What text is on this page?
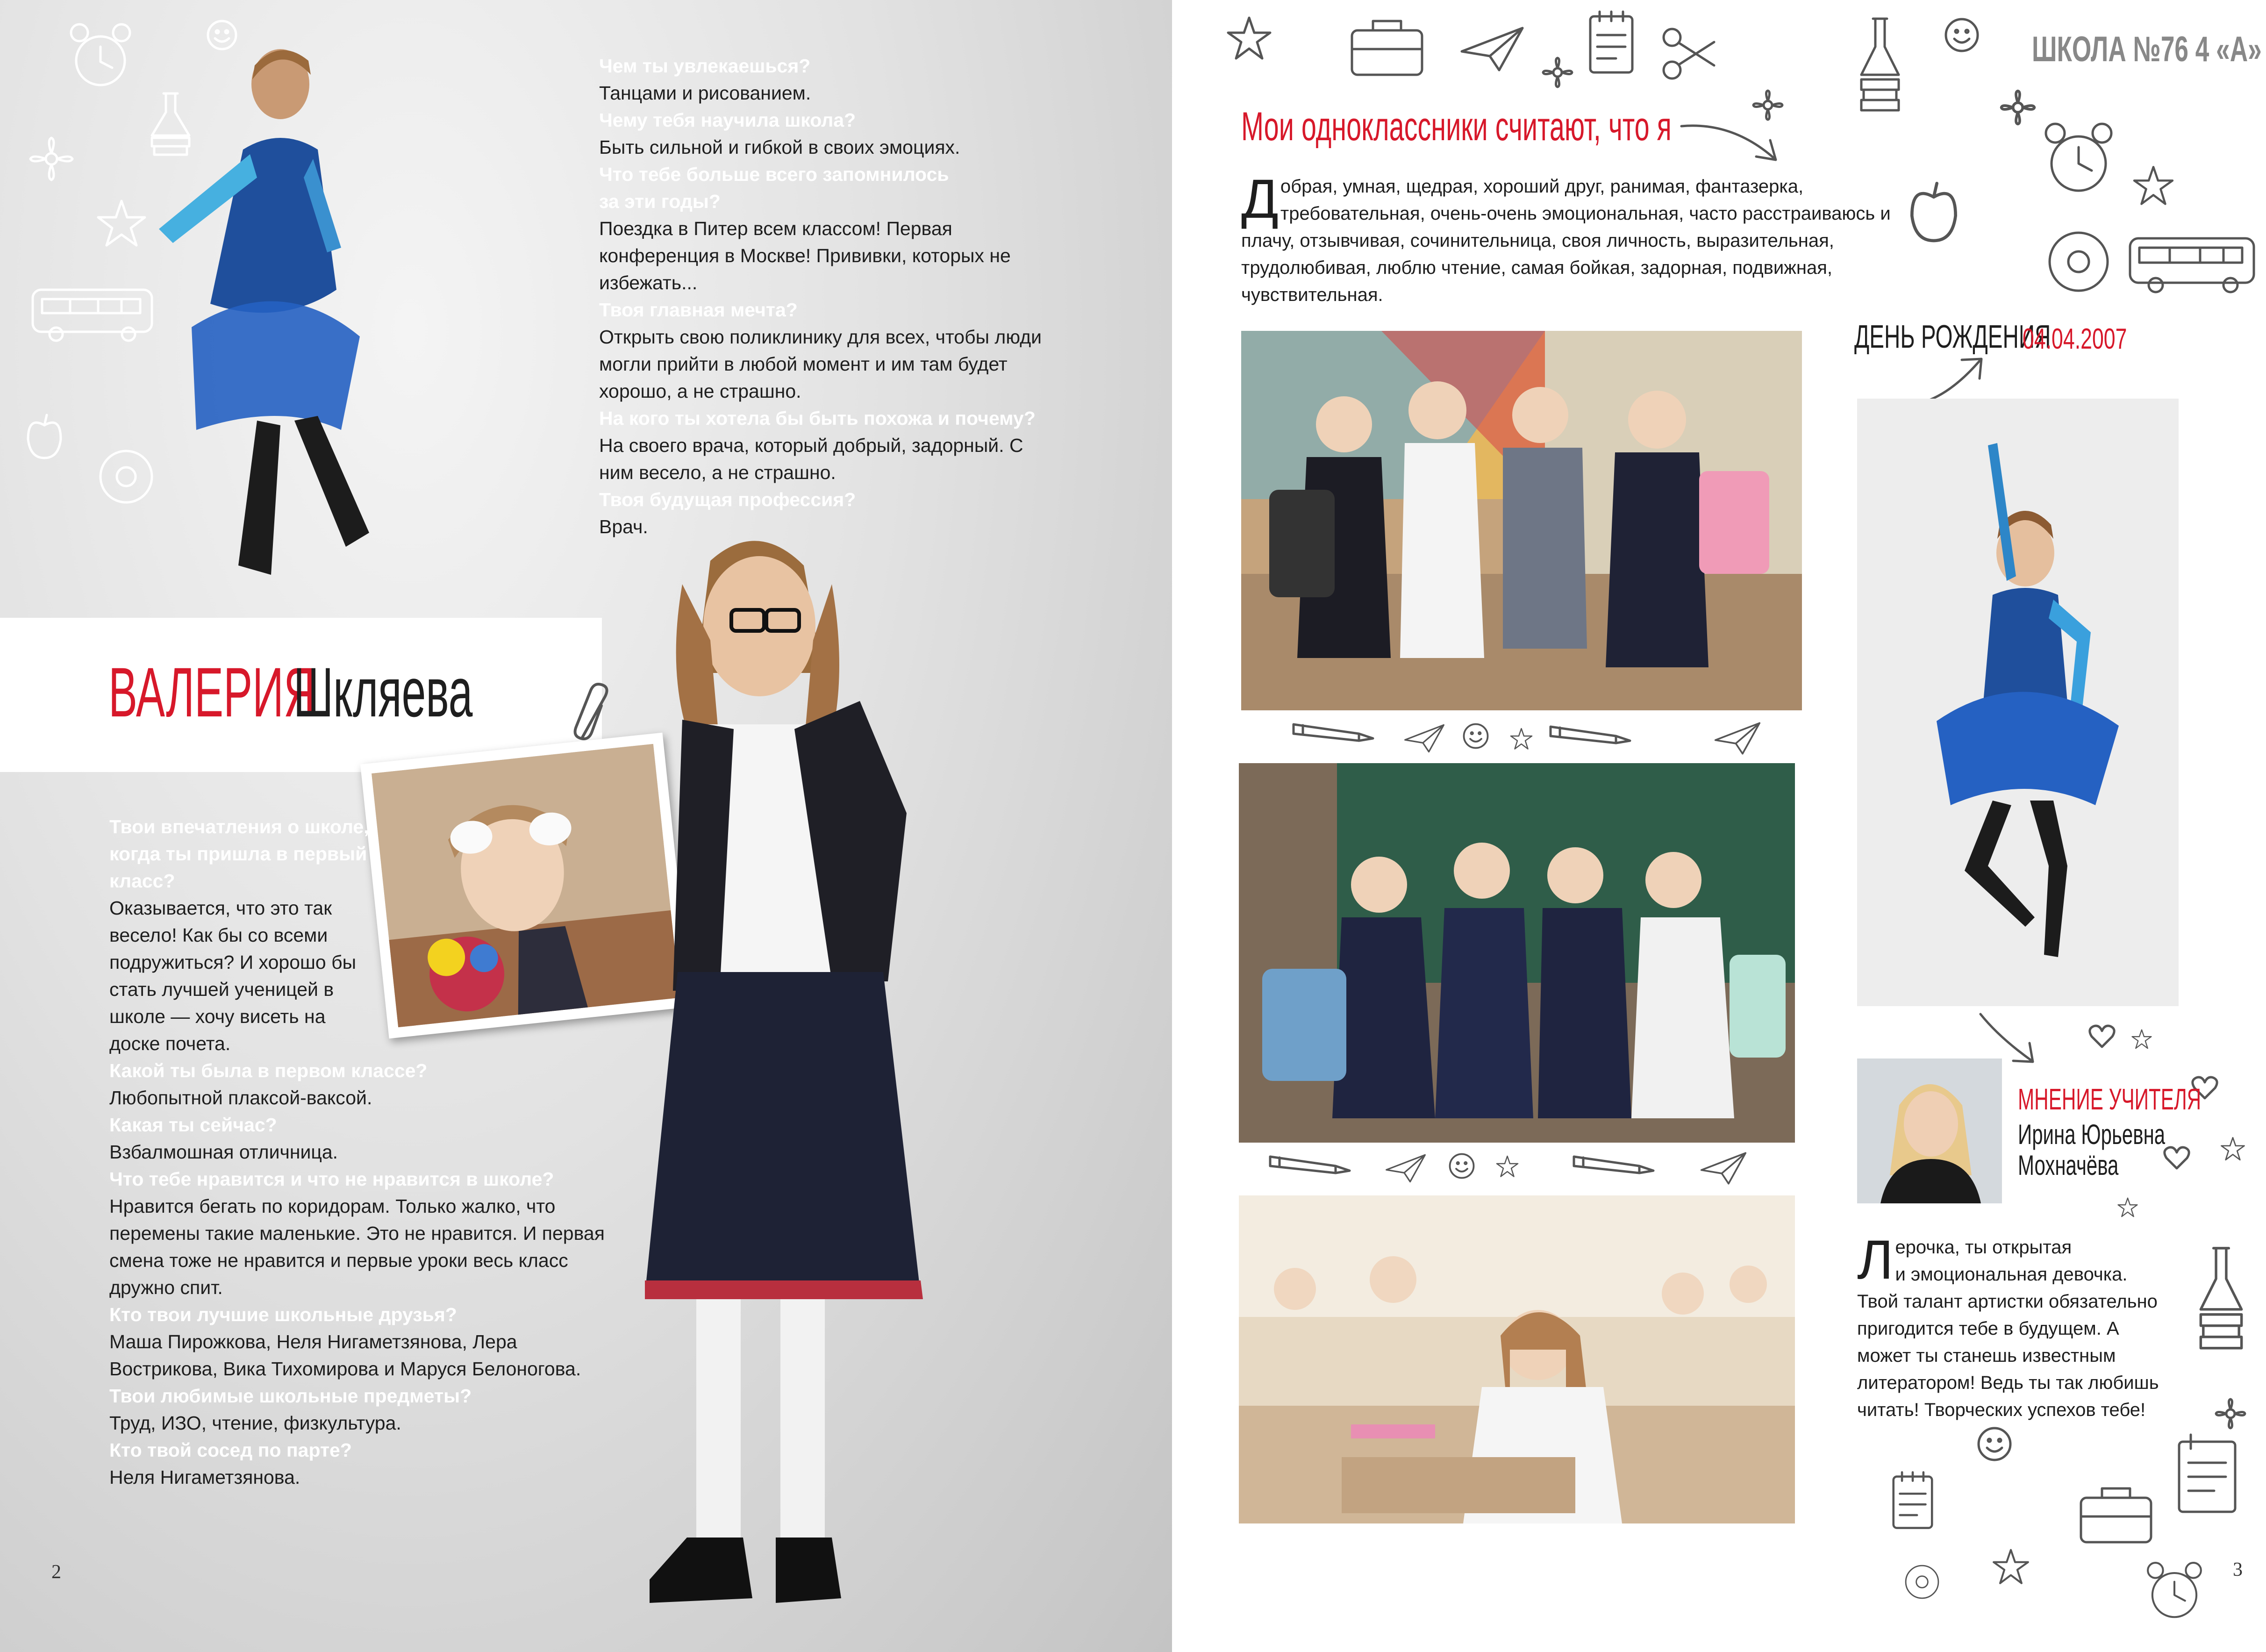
Чем ты увлекаешься?
Танцами и рисованием.
Чему тебя научила школа?
Быть сильной и гибкой в своих эмоциях.
Что тебе больше всего запомнилось за эти годы?
Поездка в Питер всем классом! Первая конференция в Москве! Прививки, которых не избежать...
Твоя главная мечта?
Открыть свою поликлинику для всех, чтобы люди могли прийти в любой момент и им там будет хорошо, а не страшно.
На кого ты хотела бы быть похожа и почему?
На своего врача, который добрый, задорный. С ним весело, а не страшно.
Твоя будущая профессия?
Врач.
ВАЛЕРИЯ
Шкляева
Твои впечатления о школе, когда ты пришла в первый класс?
Оказывается, что это так весело! Как бы со всеми подружиться? И хорошо бы стать лучшей ученицей в школе — хочу висеть на доске почета.
Какой ты была в первом классе?
Любопытной плаксой-ваксой.
Какая ты сейчас?
Взбалмошная отличница.
Что тебе нравится и что не нравится в школе?
Нравится бегать по коридорам. Только жалко, что перемены такие маленькие. Это не нравится. И первая смена тоже не нравится и первые уроки весь класс дружно спит.
Кто твои лучшие школьные друзья?
Маша Пирожкова, Неля Нигаметзянова, Лера Вострикова, Вика Тихомирова и Маруся Белоногова.
Твои любимые школьные предметы?
Труд, ИЗО, чтение, физкультура.
Кто твой сосед по парте?
Неля Нигаметзянова.
2
ШКОЛА №76 4 «А»
Мои одноклассники считают, что я
Д обрая, умная, щедрая, хороший друг, ранимая, фантазерка, требовательная, очень-очень эмоциональная, часто расстраиваюсь и плачу, отзывчивая, сочинительница, своя личность, выразительная, трудолюбивая, люблю чтение, самая бойкая, задорная, подвижная, чувствительная.
ДЕНЬ РОЖДЕНИЯ
04.04.2007
МНЕНИЕ УЧИТЕЛЯ
Ирина Юрьевна
Мохначёва
Л ерочка, ты открытая
и эмоциональная девочка. Твой талант артистки обязательно пригодится тебе в будущем. А может ты станешь известным литератором! Ведь ты так любишь читать! Творческих успехов тебе!
3
